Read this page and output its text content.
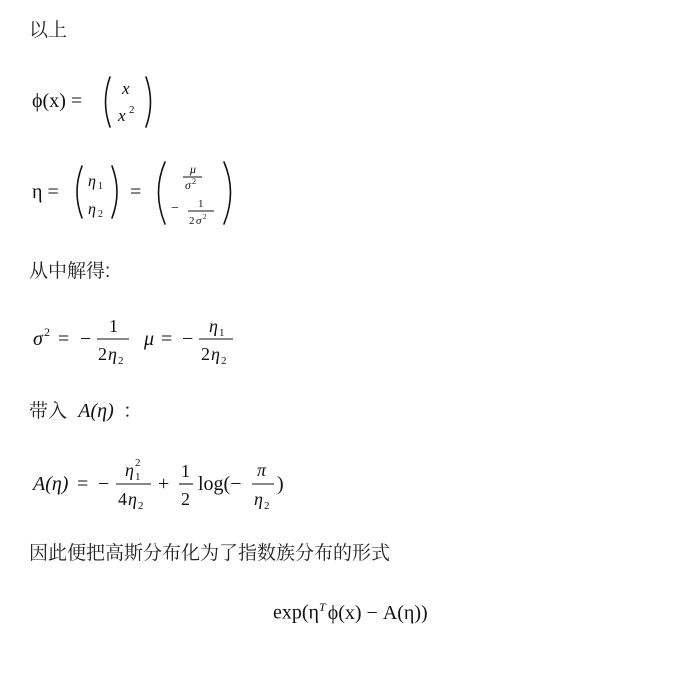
以上
ϕ(x) =
x
x 2
η = η 1
η 2
=
μ
σ 2
− 1
2 σ 2
从中解得:
σ 2 = −
1
2 η 2
μ = −
η 1
2 η 2
带入 A(η) ：
A(η) = −
η 2
1
4 η 2
+
1
2
log(−
π
η 2
)
因此便把高斯分布化为了指数族分布的形式
$\exp(\eta^T$ ϕ(x) − A(η))
